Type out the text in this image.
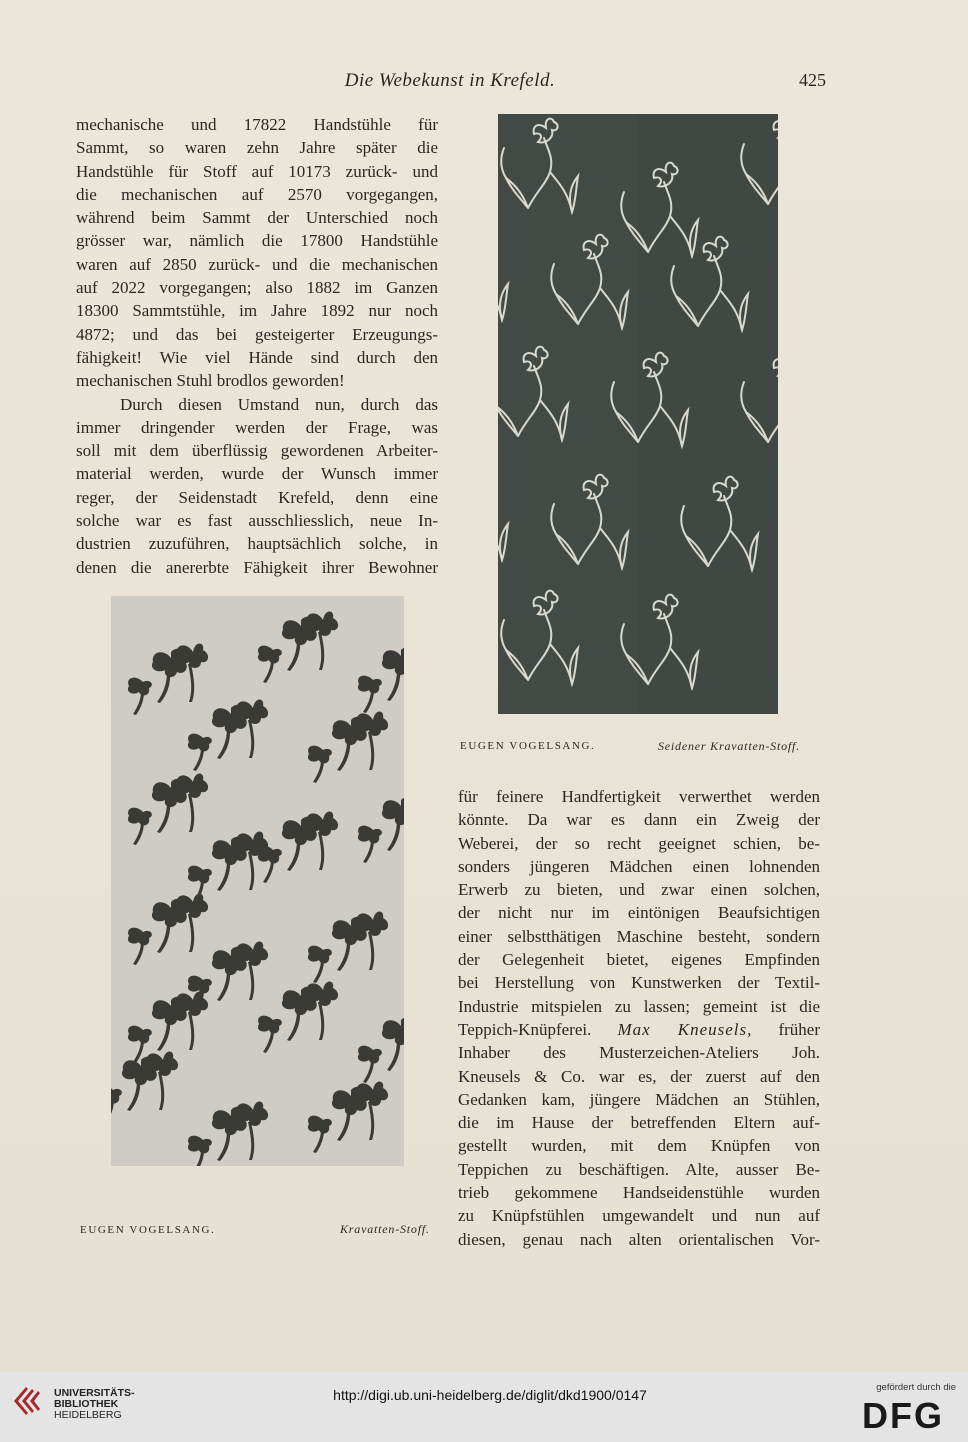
Die Webekunst in Krefeld.	425
mechanische und 17822 Handstühle für
Sammt, so waren zehn Jahre später die
Handstühle für Stoff auf 10173 zurück- und
die mechanischen auf 2570 vorgegangen,
während beim Sammt der Unterschied noch
grösser war, nämlich die 17800 Handstühle
waren auf 2850 zurück- und die mechanischen
auf 2022 vorgegangen; also 1882 im Ganzen
18300 Sammtstühle, im Jahre 1892 nur noch
4872; und das bei gesteigerter Erzeugungs-
fähigkeit! Wie viel Hände sind durch den
mechanischen Stuhl brodlos geworden!
Durch diesen Umstand nun, durch das
immer dringender werden der Frage, was
soll mit dem überflüssig gewordenen Arbeiter-
material werden, wurde der Wunsch immer
reger, der Seidenstadt Krefeld, denn eine
solche war es fast ausschliesslich, neue In-
dustrien zuzuführen, hauptsächlich solche, in
denen die anererbte Fähigkeit ihrer Bewohner
EUGEN VOGELSANG.	Seidener Kravatten-Stoff.
EUGEN VOGELSANG.	Kravatten-Stoff.
für feinere Handfertigkeit verwerthet werden
könnte. Da war es dann ein Zweig der
Weberei, der so recht geeignet schien, be-
sonders jüngeren Mädchen einen lohnenden
Erwerb zu bieten, und zwar einen solchen,
der nicht nur im eintönigen Beaufsichtigen
einer selbstthätigen Maschine besteht, sondern
der Gelegenheit bietet, eigenes Empfinden
bei Herstellung von Kunstwerken der Textil-
Industrie mitspielen zu lassen; gemeint ist die
Teppich-Knüpferei. Max Kneusels, früher
Inhaber des Musterzeichen-Ateliers Joh.
Kneusels & Co. war es, der zuerst auf den
Gedanken kam, jüngere Mädchen an Stühlen,
die im Hause der betreffenden Eltern auf-
gestellt wurden, mit dem Knüpfen von
Teppichen zu beschäftigen. Alte, ausser Be-
trieb gekommene Handseidenstühle wurden
zu Knüpfstühlen umgewandelt und nun auf
diesen, genau nach alten orientalischen Vor-
UNIVERSITÄTS-
BIBLIOTHEK
HEIDELBERG
http://digi.ub.uni-heidelberg.de/diglit/dkd1900/0147	gefördert durch die
DFG
